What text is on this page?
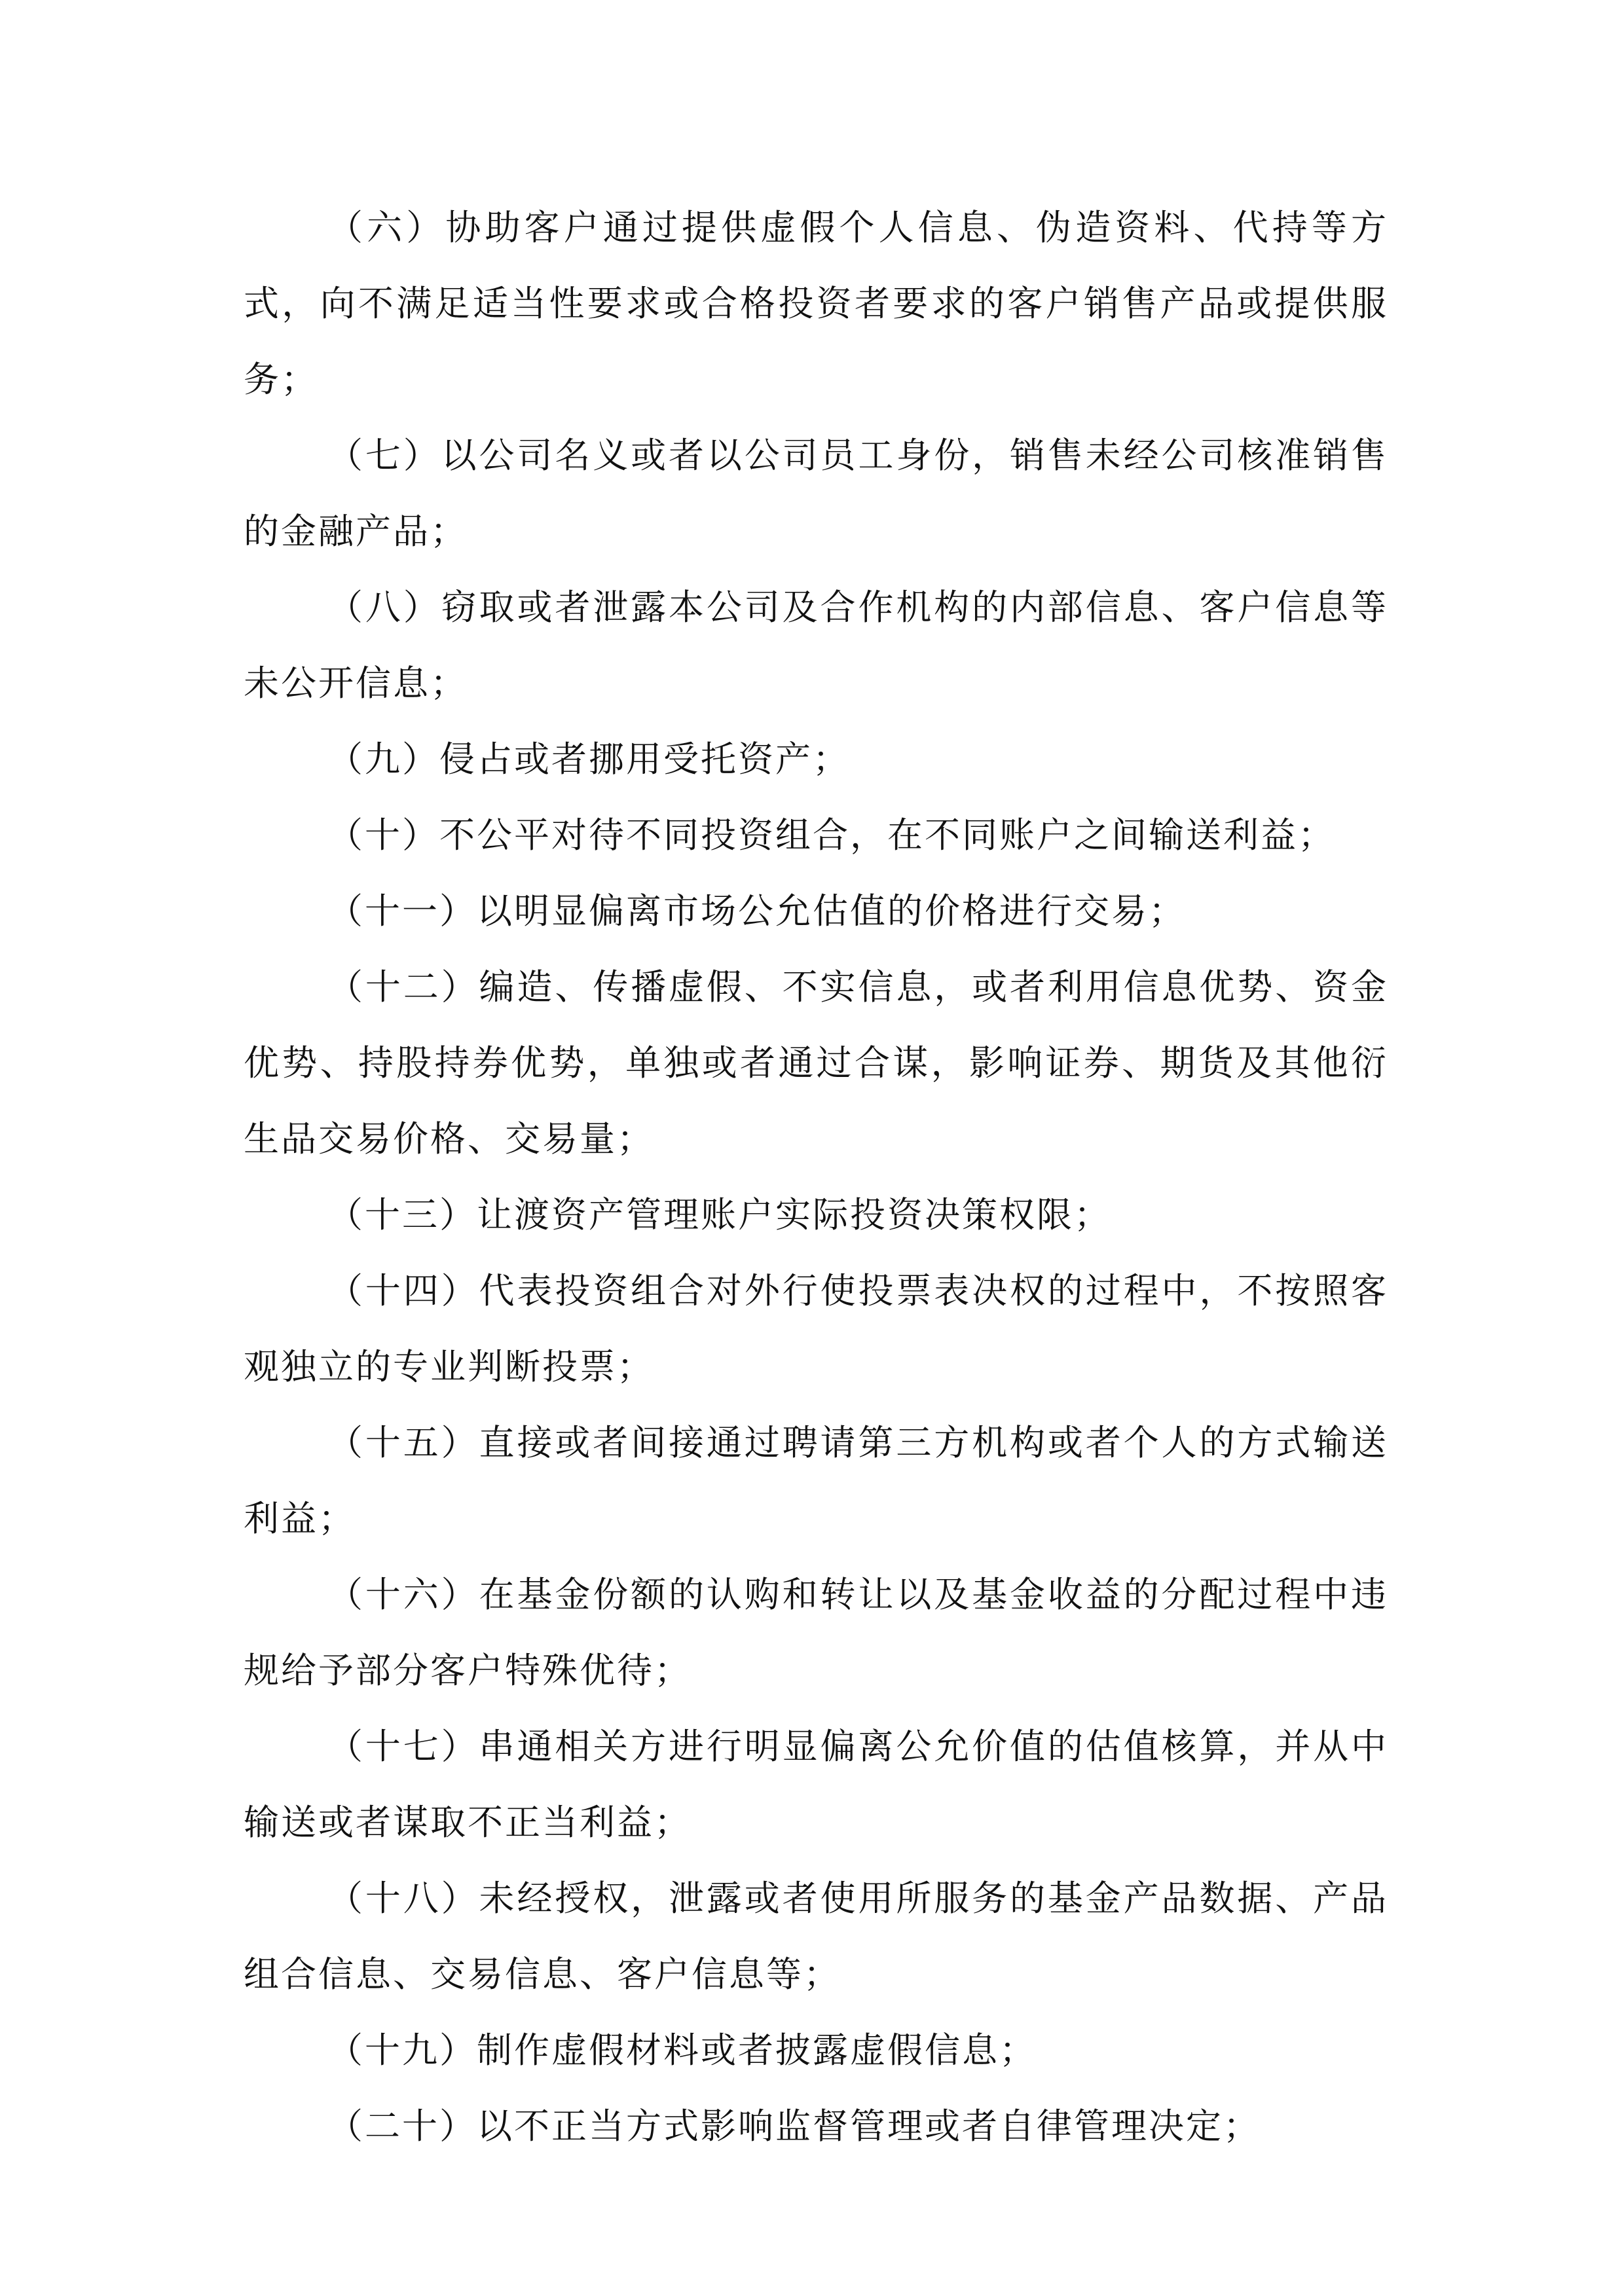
（六）协助客户通过提供虚假个人信息、伪造资料、代持等方式，向不满足适当性要求或合格投资者要求的客户销售产品或提供服务；

（七）以公司名义或者以公司员工身份，销售未经公司核准销售的金融产品；

（八）窃取或者泄露本公司及合作机构的内部信息、客户信息等未公开信息；

（九）侵占或者挪用受托资产；

（十）不公平对待不同投资组合，在不同账户之间输送利益；

（十一）以明显偏离市场公允估值的价格进行交易；

（十二）编造、传播虚假、不实信息，或者利用信息优势、资金优势、持股持券优势，单独或者通过合谋，影响证券、期货及其他衍生品交易价格、交易量；

（十三）让渡资产管理账户实际投资决策权限；

（十四）代表投资组合对外行使投票表决权的过程中，不按照客观独立的专业判断投票；

（十五）直接或者间接通过聘请第三方机构或者个人的方式输送利益；

（十六）在基金份额的认购和转让以及基金收益的分配过程中违规给予部分客户特殊优待；

（十七）串通相关方进行明显偏离公允价值的估值核算，并从中输送或者谋取不正当利益；

（十八）未经授权，泄露或者使用所服务的基金产品数据、产品组合信息、交易信息、客户信息等；

（十九）制作虚假材料或者披露虚假信息；

（二十）以不正当方式影响监督管理或者自律管理决定；
